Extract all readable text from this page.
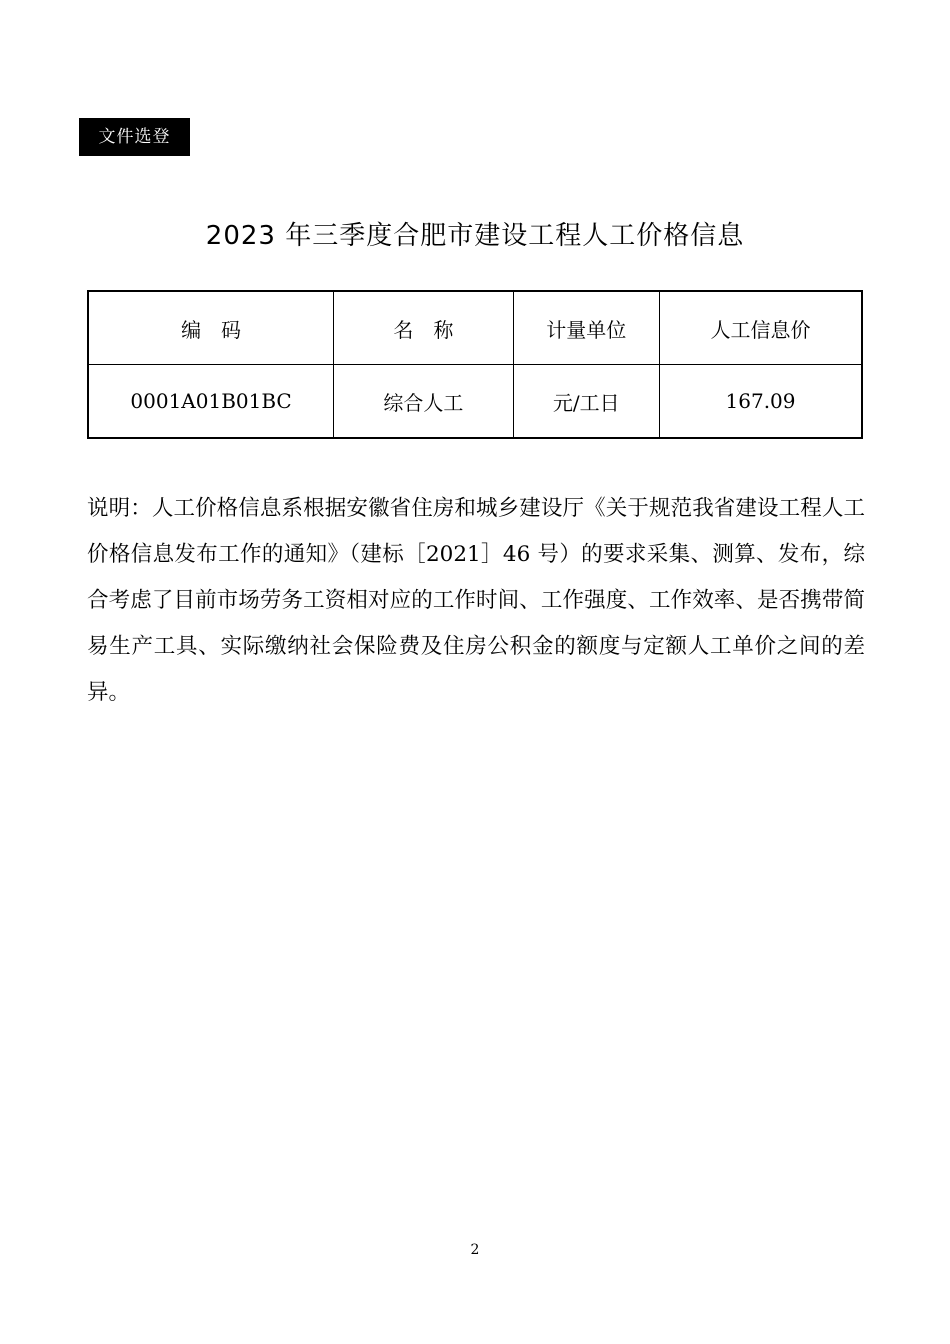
文件选登
2023 年三季度合肥市建设工程人工价格信息
编　码	名　称	计量单位	人工信息价
0001A01B01BC	综合人工	元/工日	167.09

说明：人工价格信息系根据安徽省住房和城乡建设厅《关于规范我省建设工程人工价格信息发布工作的通知》（建标［2021］46 号）的要求采集、测算、发布，综合考虑了目前市场劳务工资相对应的工作时间、工作强度、工作效率、是否携带简易生产工具、实际缴纳社会保险费及住房公积金的额度与定额人工单价之间的差异。

2
